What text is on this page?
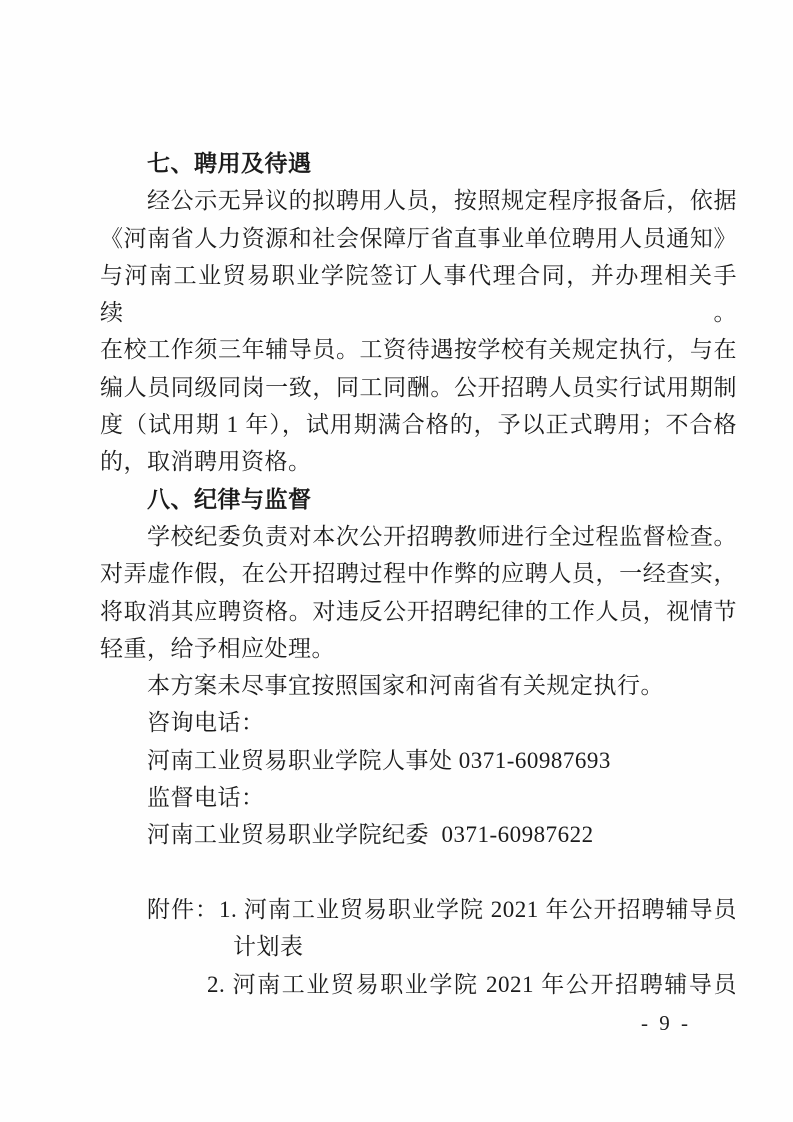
七、聘用及待遇
经公示无异议的拟聘用人员，按照规定程序报备后，依据
《河南省人力资源和社会保障厅省直事业单位聘用人员通知》
与河南工业贸易职业学院签订人事代理合同，并办理相关手续。
在校工作须三年辅导员。工资待遇按学校有关规定执行，与在
编人员同级同岗一致，同工同酬。公开招聘人员实行试用期制
度（试用期 1 年），试用期满合格的，予以正式聘用；不合格
的，取消聘用资格。
八、纪律与监督
学校纪委负责对本次公开招聘教师进行全过程监督检查。
对弄虚作假，在公开招聘过程中作弊的应聘人员，一经查实，
将取消其应聘资格。对违反公开招聘纪律的工作人员，视情节
轻重，给予相应处理。
本方案未尽事宜按照国家和河南省有关规定执行。
咨询电话：
河南工业贸易职业学院人事处 0371-60987693
监督电话：
河南工业贸易职业学院纪委  0371-60987622
附件：1. 河南工业贸易职业学院 2021 年公开招聘辅导员
计划表
2. 河南工业贸易职业学院 2021 年公开招聘辅导员
- 9 -
